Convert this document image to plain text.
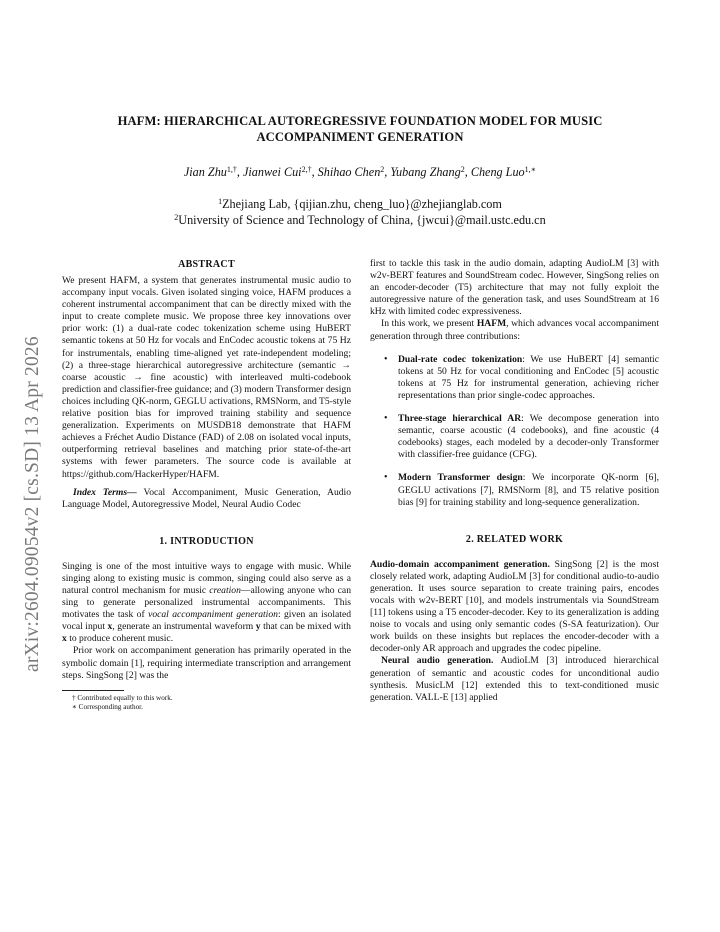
arXiv:2604.09054v2 [cs.SD] 13 Apr 2026
HAFM: HIERARCHICAL AUTOREGRESSIVE FOUNDATION MODEL FOR MUSIC
ACCOMPANIMENT GENERATION
Jian Zhu$^{1,\dagger}$, Jianwei Cui$^{2,\dagger}$, Shihao Chen$^2$, Yubang Zhang$^2$, Cheng Luo$^{1,∗}$
$^1$Zhejiang Lab, {qijian.zhu, cheng_luo}@zhejianglab.com
$^2$University of Science and Technology of China, {jwcui}@mail.ustc.edu.cn
ABSTRACT

We present HAFM, a system that generates instrumental music audio to accompany input vocals. Given isolated singing voice, HAFM produces a coherent instrumental accompaniment that can be directly mixed with the input to create complete music. We propose three key innovations over prior work: (1) a dual-rate codec tokenization scheme using HuBERT semantic tokens at 50 Hz for vocals and EnCodec acoustic tokens at 75 Hz for instrumentals, enabling time-aligned yet rate-independent modeling; (2) a three-stage hierarchical autoregressive architecture (semantic → coarse acoustic → fine acoustic) with interleaved multi-codebook prediction and classifier-free guidance; and (3) modern Transformer design choices including QK-norm, GEGLU activations, RMSNorm, and T5-style relative position bias for improved training stability and sequence generalization. Experiments on MUSDB18 demonstrate that HAFM achieves a Fréchet Audio Distance (FAD) of 2.08 on isolated vocal inputs, outperforming retrieval baselines and matching prior state-of-the-art systems with fewer parameters. The source code is available at https://github.com/HackerHyper/HAFM.

Index Terms— Vocal Accompaniment, Music Generation, Audio Language Model, Autoregressive Model, Neural Audio Codec

1. INTRODUCTION

Singing is one of the most intuitive ways to engage with music. While singing along to existing music is common, singing could also serve as a natural control mechanism for music creation—allowing anyone who can sing to generate personalized instrumental accompaniments. This motivates the task of vocal accompaniment generation: given an isolated vocal input x, generate an instrumental waveform y that can be mixed with x to produce coherent music.

Prior work on accompaniment generation has primarily operated in the symbolic domain [1], requiring intermediate transcription and arrangement steps. SingSong [2] was the

† Contributed equally to this work.

∗ Corresponding author.

first to tackle this task in the audio domain, adapting AudioLM [3] with w2v-BERT features and SoundStream codec. However, SingSong relies on an encoder-decoder (T5) architecture that may not fully exploit the autoregressive nature of the generation task, and uses SoundStream at 16 kHz with limited codec expressiveness.

In this work, we present HAFM, which advances vocal accompaniment generation through three contributions:

• Dual-rate codec tokenization: We use HuBERT [4] semantic tokens at 50 Hz for vocal conditioning and EnCodec [5] acoustic tokens at 75 Hz for instrumental generation, achieving richer representations than prior single-codec approaches.
• Three-stage hierarchical AR: We decompose generation into semantic, coarse acoustic (4 codebooks), and fine acoustic (4 codebooks) stages, each modeled by a decoder-only Transformer with classifier-free guidance (CFG).
• Modern Transformer design: We incorporate QK-norm [6], GEGLU activations [7], RMSNorm [8], and T5 relative position bias [9] for training stability and long-sequence generalization.
2. RELATED WORK

Audio-domain accompaniment generation. SingSong [2] is the most closely related work, adapting AudioLM [3] for conditional audio-to-audio generation. It uses source separation to create training pairs, encodes vocals with w2v-BERT [10], and models instrumentals via SoundStream [11] tokens using a T5 encoder-decoder. Key to its generalization is adding noise to vocals and using only semantic codes (S-SA featurization). Our work builds on these insights but replaces the encoder-decoder with a decoder-only AR approach and upgrades the codec pipeline.

Neural audio generation. AudioLM [3] introduced hierarchical generation of semantic and acoustic codes for unconditional audio synthesis. MusicLM [12] extended this to text-conditioned music generation. VALL-E [13] applied
